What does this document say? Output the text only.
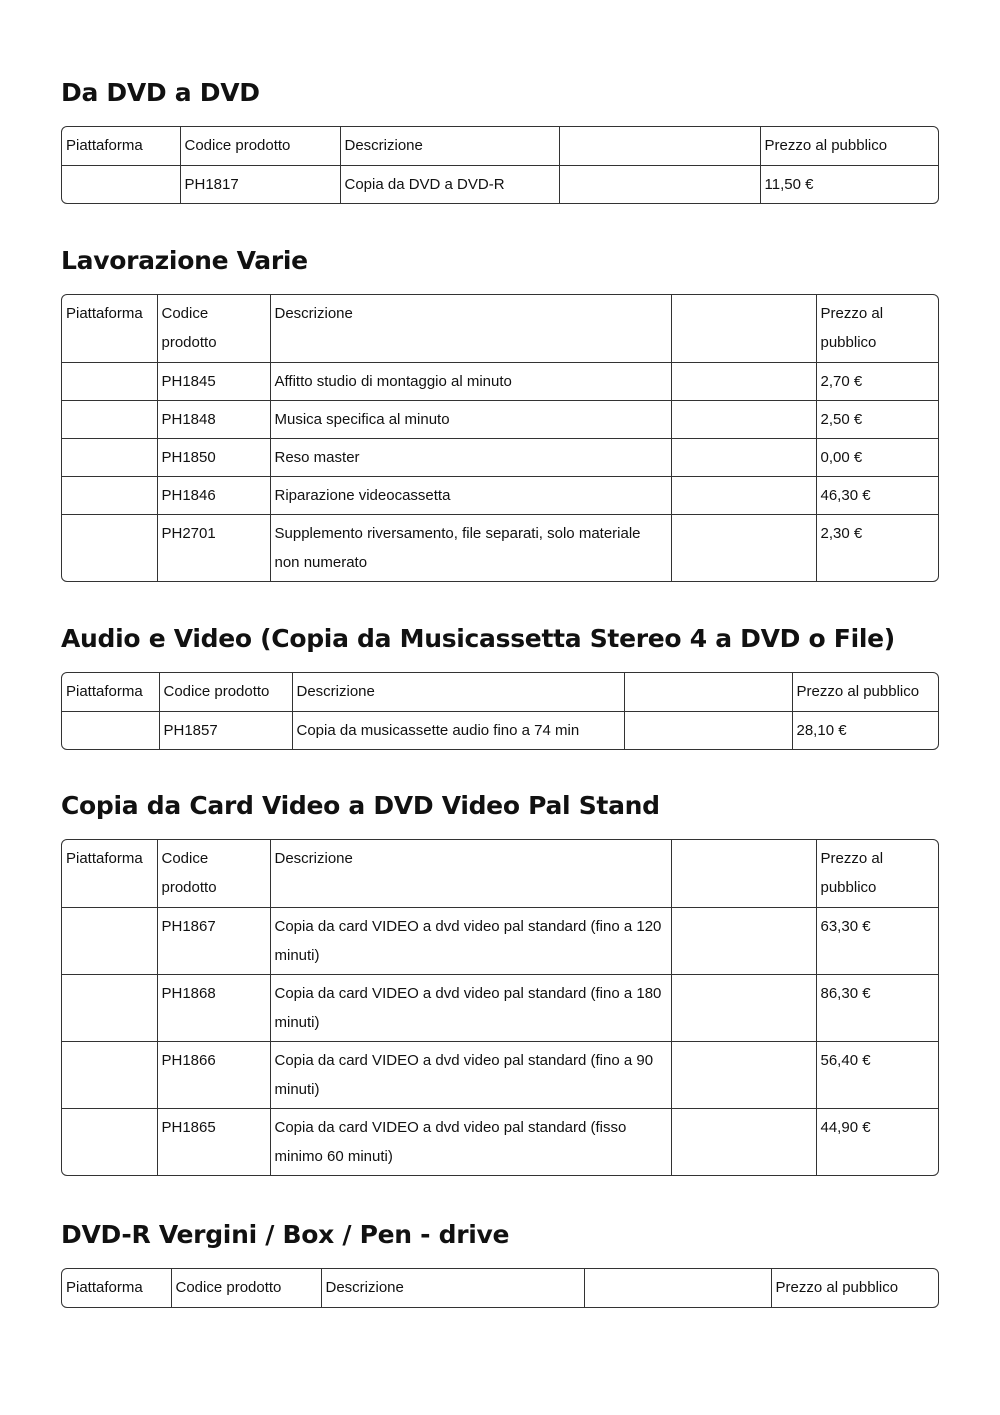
Da DVD a DVD
Piattaforma	Codice prodotto	Descrizione		Prezzo al pubblico
	PH1817	Copia da DVD a DVD-R		11,50 €
Lavorazione Varie
Piattaforma	Codice prodotto	Descrizione		Prezzo al pubblico
	PH1845	Affitto studio di montaggio al minuto		2,70 €
	PH1848	Musica specifica al minuto		2,50 €
	PH1850	Reso master		0,00 €
	PH1846	Riparazione videocassetta		46,30 €
	PH2701	Supplemento riversamento, file separati, solo materiale non numerato		2,30 €
Audio e Video (Copia da Musicassetta Stereo 4 a DVD o File)
Piattaforma	Codice prodotto	Descrizione		Prezzo al pubblico
	PH1857	Copia da musicassette audio fino a 74 min		28,10 €
Copia da Card Video a DVD Video Pal Stand
Piattaforma	Codice prodotto	Descrizione		Prezzo al pubblico
	PH1867	Copia da card VIDEO a dvd video pal standard (fino a 120 minuti)		63,30 €
	PH1868	Copia da card VIDEO a dvd video pal standard (fino a 180 minuti)		86,30 €
	PH1866	Copia da card VIDEO a dvd video pal standard (fino a 90 minuti)		56,40 €
	PH1865	Copia da card VIDEO a dvd video pal standard (fisso minimo 60 minuti)		44,90 €
DVD-R Vergini / Box / Pen - drive
Piattaforma	Codice prodotto	Descrizione		Prezzo al pubblico
